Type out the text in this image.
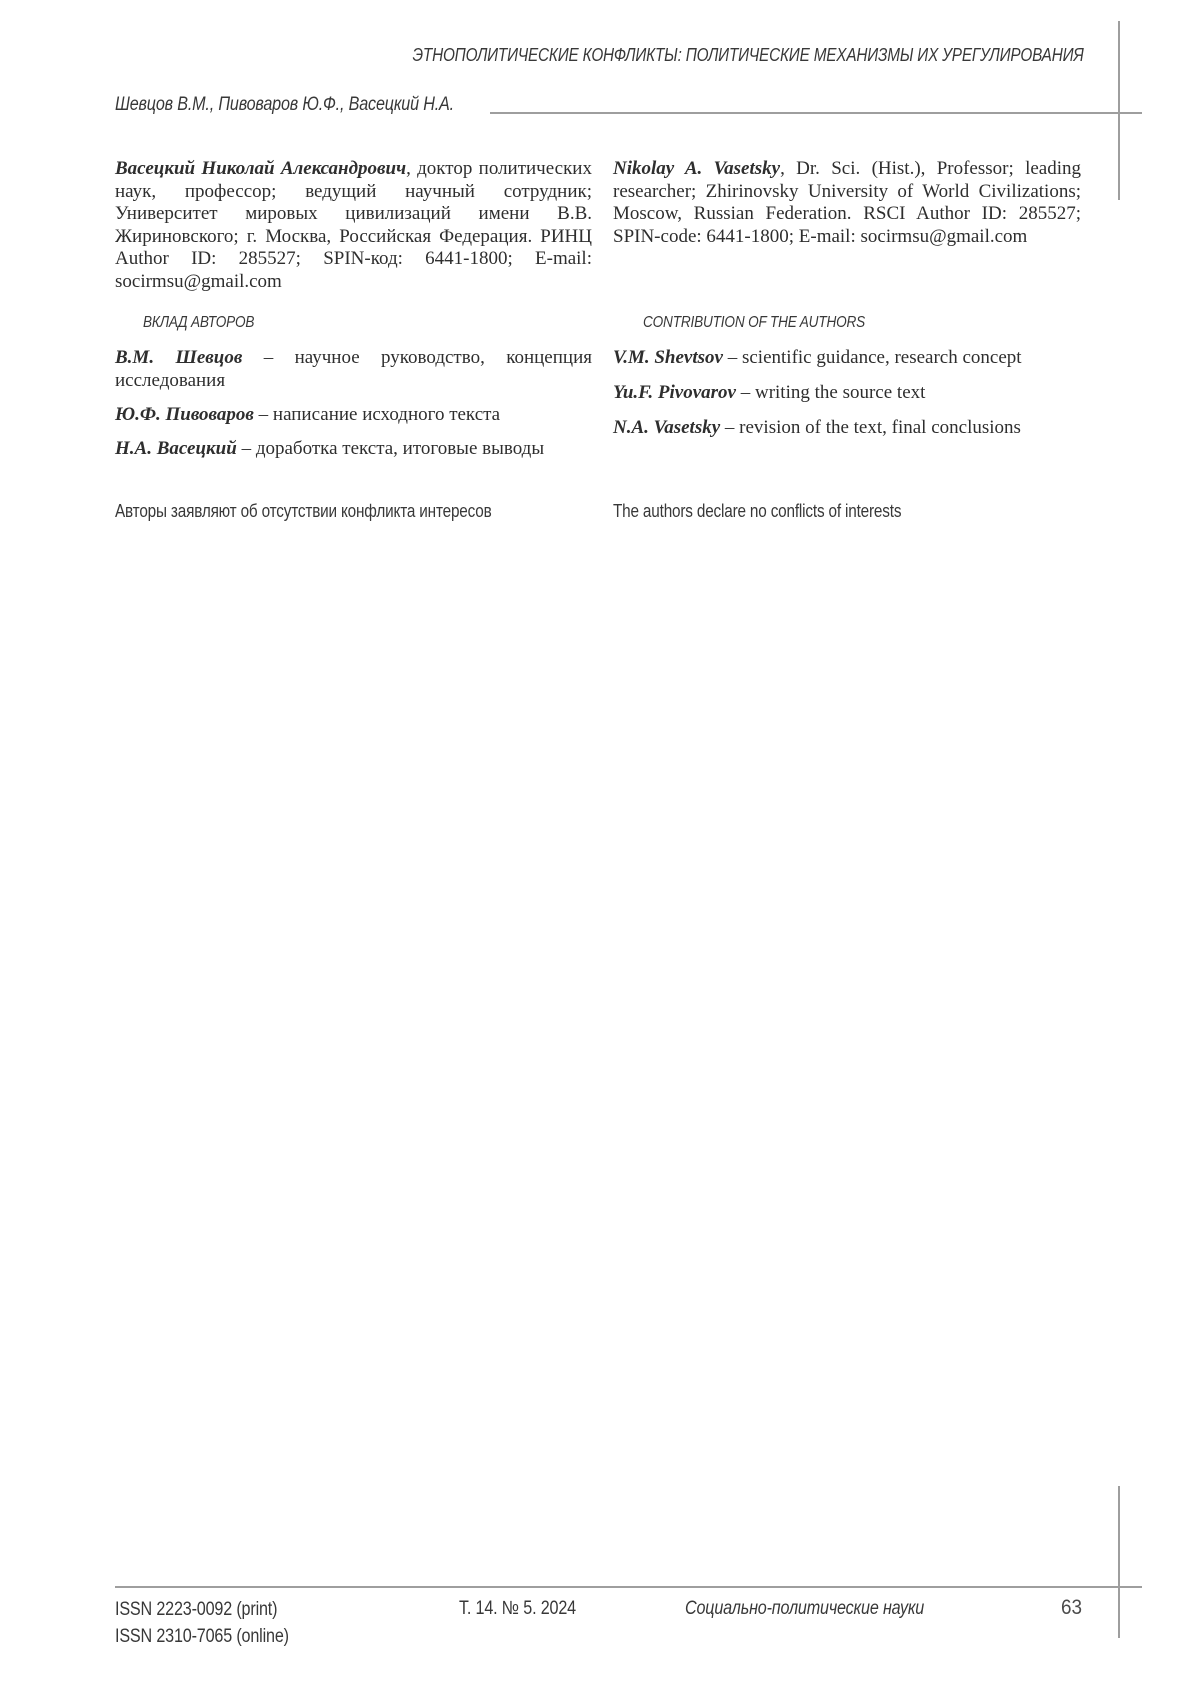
ЭТНОПОЛИТИЧЕСКИЕ КОНФЛИКТЫ: ПОЛИТИЧЕСКИЕ МЕХАНИЗМЫ ИХ УРЕГУЛИРОВАНИЯ
Шевцов В.М., Пивоваров Ю.Ф., Васецкий Н.А.

Васецкий Николай Александрович, доктор политических наук, профессор; ведущий научный сотрудник; Университет мировых цивилизаций имени В.В. Жириновского; г. Москва, Российская Федерация. РИНЦ Author ID: 285527; SPIN-код: 6441-1800; E-mail: socirmsu@gmail.com

Nikolay A. Vasetsky, Dr. Sci. (Hist.), Professor; leading researcher; Zhirinovsky University of World Civilizations; Moscow, Russian Federation. RSCI Author ID: 285527; SPIN-code: 6441-1800; E-mail: socirmsu@gmail.com

ВКЛАД АВТОРОВ	CONTRIBUTION OF THE AUTHORS

В.М. Шевцов – научное руководство, концепция исследования

Ю.Ф. Пивоваров – написание исходного текста

Н.А. Васецкий – доработка текста, итоговые выводы

V.M. Shevtsov – scientific guidance, research concept

Yu.F. Pivovarov – writing the source text

N.A. Vasetsky – revision of the text, final conclusions

Авторы заявляют об отсутствии конфликта интересов	The authors declare no conflicts of interests
ISSN 2223-0092 (print)
ISSN 2310-7065 (online)
Т. 14. № 5. 2024	Социально-политические науки	63
